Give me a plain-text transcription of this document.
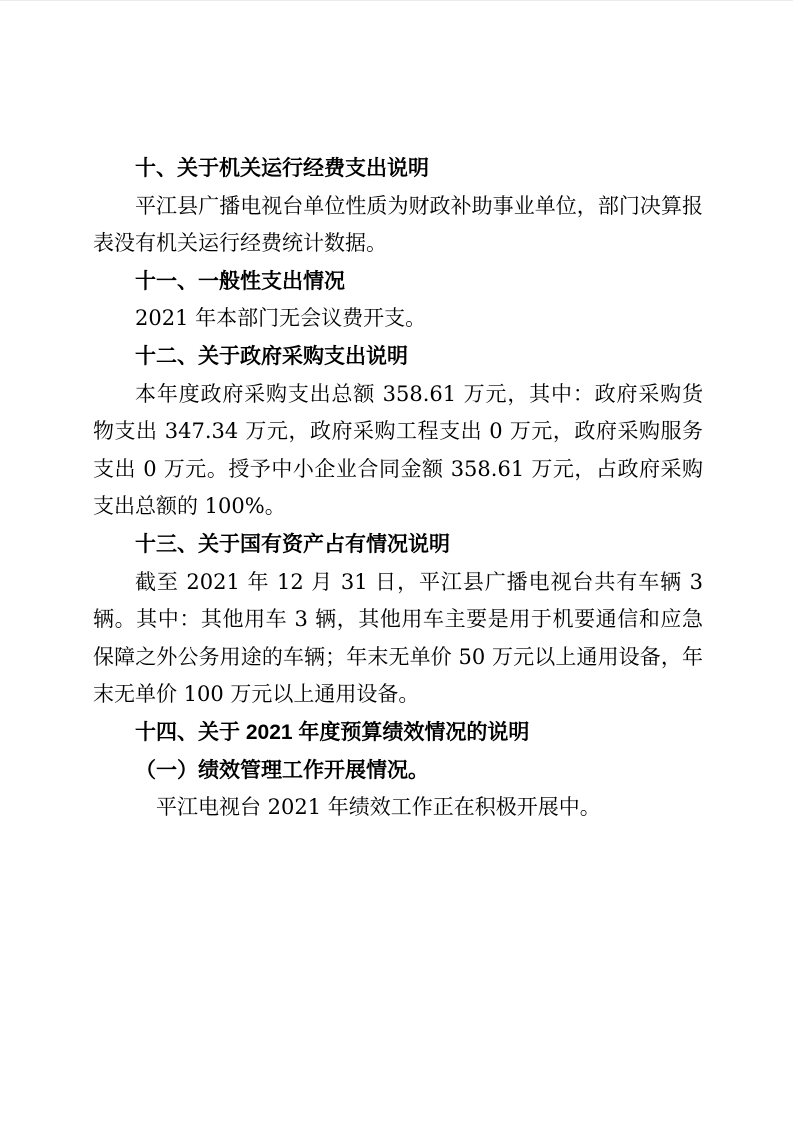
十、关于机关运行经费支出说明

平江县广播电视台单位性质为财政补助事业单位，部门决算报表没有机关运行经费统计数据。

十一、一般性支出情况

2021 年本部门无会议费开支。

十二、关于政府采购支出说明

本年度政府采购支出总额 358.61 万元，其中：政府采购货物支出 347.34 万元，政府采购工程支出 0 万元，政府采购服务支出 0 万元。授予中小企业合同金额 358.61 万元，占政府采购支出总额的 100%。

十三、关于国有资产占有情况说明

截至 2021 年 12 月 31 日，平江县广播电视台共有车辆 3 辆。其中：其他用车 3 辆，其他用车主要是用于机要通信和应急保障之外公务用途的车辆；年末无单价 50 万元以上通用设备，年末无单价 100 万元以上通用设备。

十四、关于 2021 年度预算绩效情况的说明

（一）绩效管理工作开展情况。

平江电视台 2021 年绩效工作正在积极开展中。
